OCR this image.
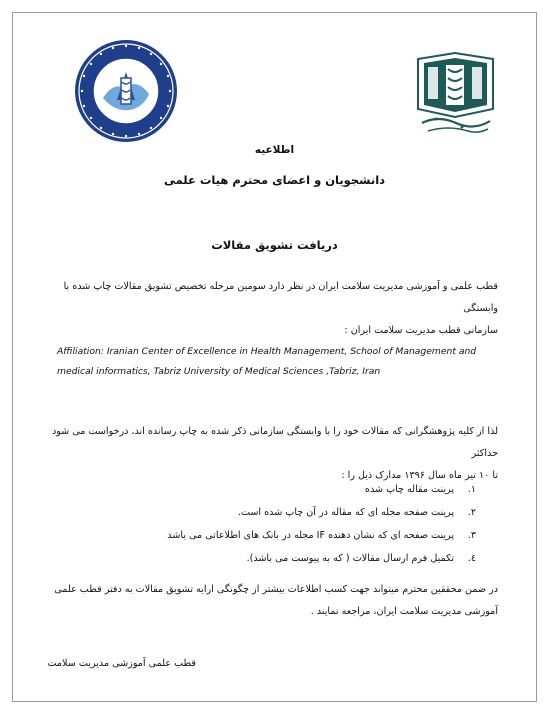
اطلاعیه
دانشجویان و اعضای محترم هیات علمی
دریافت تشویق مقالات
قطب علمی و آموزشی مدیریت سلامت ایران در نظر دارد سومین مرحله تخصیص تشویق مقالات چاپ شده با وابستگی
سازمانی قطب مدیریت سلامت ایران :
Affiliation: Iranian Center of Excellence in Health Management, School of Management and
medical informatics, Tabriz University of Medical Sciences ,Tabriz, Iran
لذا از کلیه پژوهشگرانی که مقالات خود را با وابستگی سازمانی ذکر شده به چاپ رسانده اند، درخواست می شود حداکثر
تا ۱۰ تیر ماه سال ۱۳۹۶ مدارک ذیل را :
١.
پرینت مقاله چاپ شده
٢.
پرینت صفحه مجله ای که مقاله در آن چاپ شده است.
٣.
پرینت صفحه ای که نشان دهنده IF مجله در بانک های اطلاعاتی می باشد
٤.
تکمیل فرم ارسال مقالات ( که به پیوست می باشد).
در ضمن محققین محترم میتواند جهت کسب اطلاعات بیشتر از چگونگی ارایه تشویق مقالات به دفتر قطب علمی
آموزشی مدیریت سلامت ایران، مراجعه نمایند .
قطب علمی آموزشی مدیریت سلامت
